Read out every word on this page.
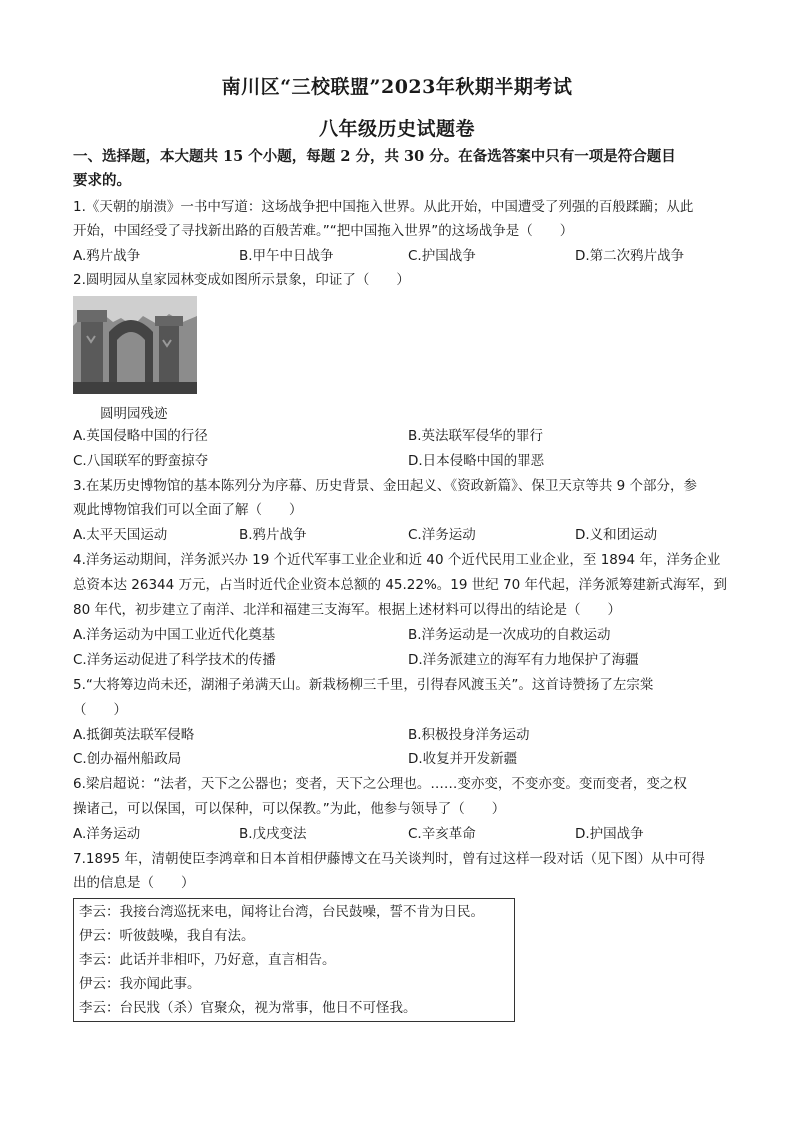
南川区“三校联盟”2023年秋期半期考试
八年级历史试题卷
一、选择题，本大题共 15 个小题，每题 2 分，共 30 分。在备选答案中只有一项是符合题目
要求的。
1.《天朝的崩溃》一书中写道：这场战争把中国拖入世界。从此开始，中国遭受了列强的百般蹂躏；从此
开始，中国经受了寻找新出路的百般苦难。”“把中国拖入世界”的这场战争是（　　）
A.鸦片战争	B.甲午中日战争	C.护国战争	D.第二次鸦片战争
2.圆明园从皇家园林变成如图所示景象，印证了（　　）
圆明园残迹
A.英国侵略中国的行径	B.英法联军侵华的罪行
C.八国联军的野蛮掠夺	D.日本侵略中国的罪恶
3.在某历史博物馆的基本陈列分为序幕、历史背景、金田起义、《资政新篇》、保卫天京等共 9 个部分，参
观此博物馆我们可以全面了解（　　）
A.太平天国运动	B.鸦片战争	C.洋务运动	D.义和团运动
4.洋务运动期间，洋务派兴办 19 个近代军事工业企业和近 40 个近代民用工业企业，至 1894 年，洋务企业
总资本达 26344 万元，占当时近代企业资本总额的 45.22%。19 世纪 70 年代起，洋务派筹建新式海军，到
80 年代，初步建立了南洋、北洋和福建三支海军。根据上述材料可以得出的结论是（　　）
A.洋务运动为中国工业近代化奠基	B.洋务运动是一次成功的自救运动
C.洋务运动促进了科学技术的传播	D.洋务派建立的海军有力地保护了海疆
5.“大将筹边尚未还，湖湘子弟满天山。新栽杨柳三千里，引得春风渡玉关”。这首诗赞扬了左宗棠
（　　）
A.抵御英法联军侵略	B.积极投身洋务运动
C.创办福州船政局	D.收复并开发新疆
6.梁启超说：“法者，天下之公器也；变者，天下之公理也。……变亦变，不变亦变。变而变者，变之权
操诸己，可以保国，可以保种，可以保教。”为此，他参与领导了（　　）
A.洋务运动	B.戊戌变法	C.辛亥革命	D.护国战争
7.1895 年，清朝使臣李鸿章和日本首相伊藤博文在马关谈判时，曾有过这样一段对话（见下图）从中可得
出的信息是（　　）
李云：我接台湾巡抚来电，闻将让台湾，台民鼓噪，誓不肯为日民。
伊云：听彼鼓噪，我自有法。
李云：此话并非相吓，乃好意，直言相告。
伊云：我亦闻此事。
李云：台民戕（杀）官聚众，视为常事，他日不可怪我。
